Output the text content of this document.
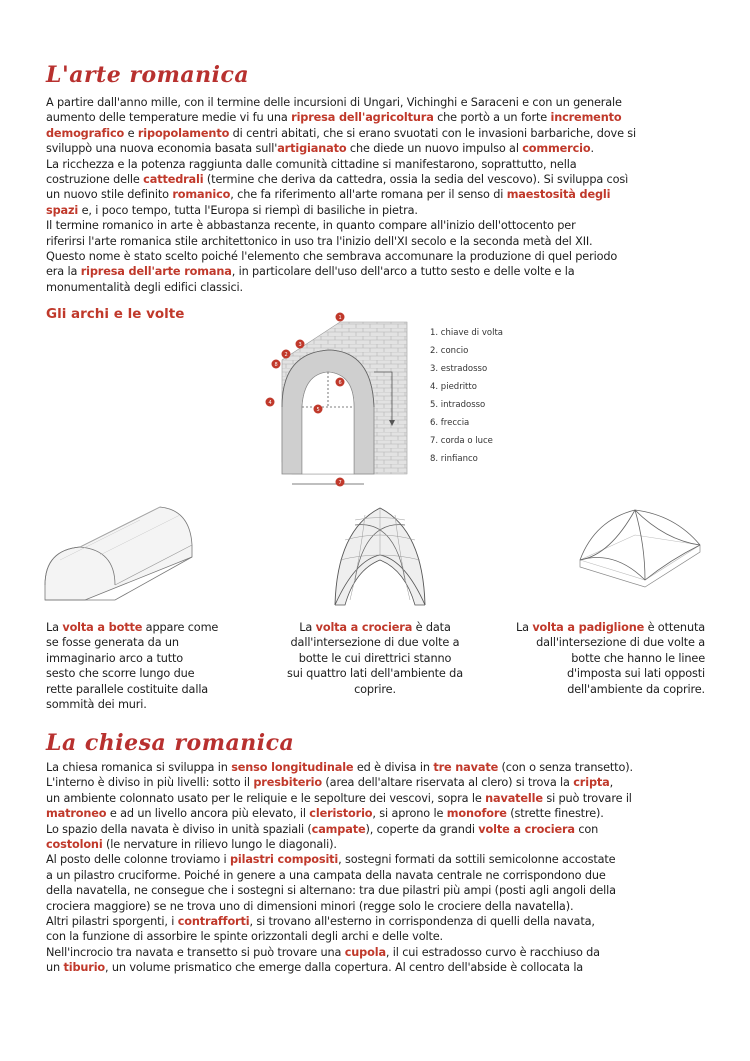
L'arte romanica
A partire dall'anno mille, con il termine delle incursioni di Ungari, Vichinghi e Saraceni e con un generale
aumento delle temperature medie vi fu una ripresa dell'agricoltura che portò a un forte incremento
demografico e ripopolamento di centri abitati, che si erano svuotati con le invasioni barbariche, dove si
sviluppò una nuova economia basata sull'artigianato che diede un nuovo impulso al commercio.
La ricchezza e la potenza raggiunta dalle comunità cittadine si manifestarono, soprattutto, nella
costruzione delle cattedrali (termine che deriva da cattedra, ossia la sedia del vescovo). Si sviluppa così
un nuovo stile definito romanico, che fa riferimento all'arte romana per il senso di maestosità degli
spazi e, i poco tempo, tutta l'Europa si riempì di basiliche in pietra.
Il termine romanico in arte è abbastanza recente, in quanto compare all'inizio dell'ottocento per
riferirsi l'arte romanica stile architettonico in uso tra l'inizio dell'XI secolo e la seconda metà del XII.
Questo nome è stato scelto poiché l'elemento che sembrava accomunare la produzione di quel periodo
era la ripresa dell'arte romana, in particolare dell'uso dell'arco a tutto sesto e delle volte e la
monumentalità degli edifici classici.
Gli archi e le volte	1
2
3
4
5
6
7
8
1. chiave di volta
2. concio
3. estradosso
4. piedritto
5. intradosso
6. freccia
7. corda o luce
8. rinfianco
La volta a botte appare come
se fosse generata da un
immaginario arco a tutto
sesto che scorre lungo due
rette parallele costituite dalla
sommità dei muri.
La volta a crociera è data
dall'intersezione di due volte a
botte le cui direttrici stanno
sui quattro lati dell'ambiente da
coprire.
La volta a padiglione è ottenuta
dall'intersezione di due volte a
botte che hanno le linee
d'imposta sui lati opposti
dell'ambiente da coprire.
La chiesa romanica
La chiesa romanica si sviluppa in senso longitudinale ed è divisa in tre navate (con o senza transetto).
L'interno è diviso in più livelli: sotto il presbiterio (area dell'altare riservata al clero) si trova la cripta,
un ambiente colonnato usato per le reliquie e le sepolture dei vescovi, sopra le navatelle si può trovare il
matroneo e ad un livello ancora più elevato, il cleristorio, si aprono le monofore (strette finestre).
Lo spazio della navata è diviso in unità spaziali (campate), coperte da grandi volte a crociera con
costoloni (le nervature in rilievo lungo le diagonali).
Al posto delle colonne troviamo i pilastri compositi, sostegni formati da sottili semicolonne accostate
a un pilastro cruciforme. Poiché in genere a una campata della navata centrale ne corrispondono due
della navatella, ne consegue che i sostegni si alternano: tra due pilastri più ampi (posti agli angoli della
crociera maggiore) se ne trova uno di dimensioni minori (regge solo le crociere della navatella).
Altri pilastri sporgenti, i contrafforti, si trovano all'esterno in corrispondenza di quelli della navata,
con la funzione di assorbire le spinte orizzontali degli archi e delle volte.
Nell'incrocio tra navata e transetto si può trovare una cupola, il cui estradosso curvo è racchiuso da
un tiburio, un volume prismatico che emerge dalla copertura. Al centro dell'abside è collocata la
